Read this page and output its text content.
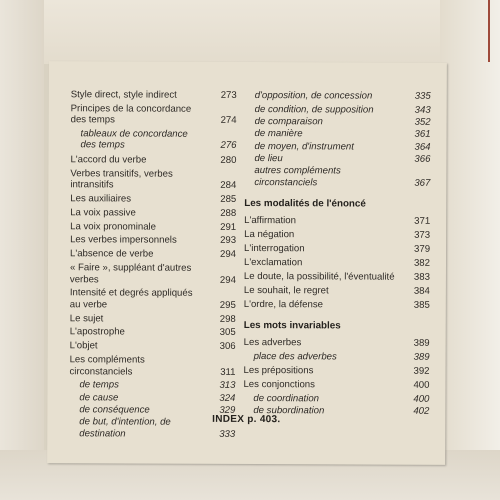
Style direct, style indirect	273
Principes de la concordance des temps	274
tableaux de concordance des temps	276
L'accord du verbe	280
Verbes transitifs, verbes intransitifs	284
Les auxiliaires	285
La voix passive	288
La voix pronominale	291
Les verbes impersonnels	293
L'absence de verbe	294
« Faire », suppléant d'autres verbes	294
Intensité et degrés appliqués au verbe	295
Le sujet	298
L'apostrophe	305
L'objet	306
Les compléments circonstanciels	311
de temps	313
de cause	324
de conséquence	329
de but, d'intention, de destination	333
d'opposition, de concession	335
de condition, de supposition	343
de comparaison	352
de manière	361
de moyen, d'instrument	364
de lieu	366
autres compléments circonstanciels	367
Les modalités de l'énoncé
L'affirmation	371
La négation	373
L'interrogation	379
L'exclamation	382
Le doute, la possibilité, l'éventualité	383
Le souhait, le regret	384
L'ordre, la défense	385
Les mots invariables
Les adverbes	389
place des adverbes	389
Les prépositions	392
Les conjonctions	400
de coordination	400
de subordination	402
INDEX p. 403.
